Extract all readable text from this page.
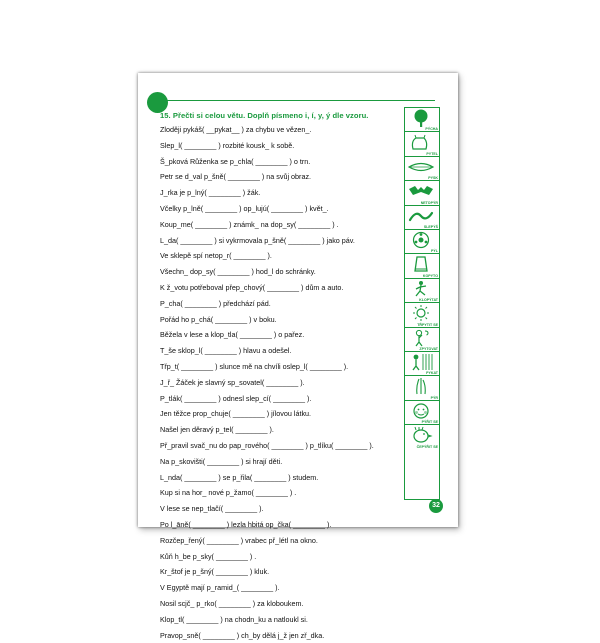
15. Přečti si celou větu. Doplň písmeno i, í, y, ý dle vzoru.
Zloději pykáš( __pykat__ ) za chybu ve vězen_.
Slep_l( ________ ) rozbité kousk_ k sobě.
Š_pková Růženka se p_chla( ________ ) o trn.
Petr se d_val p_šně( ________ ) na svůj obraz.
J_rka je p_lný( ________ ) žák.
Včelky p_lně( ________ ) op_lujú( ________ ) květ_.
Koup_me( ________ ) známk_ na dop_sy( ________ ) .
L_da( ________ ) si vykrmovala p_šně( ________ ) jako páv.
Ve sklepě spí netop_r( ________ ).
Všechn_ dop_sy( ________ ) hod_l do schránky.
K ž_votu potřeboval přep_chový( ________ ) dům a auto.
P_cha( ________ ) předchází pád.
Pořád ho p_chá( ________ ) v boku.
Běžela v lese a klop_tla( ________ ) o pařez.
T_še sklop_l( ________ ) hlavu a odešel.
Třp_t( ________ ) slunce mě na chvíli oslep_l( ________ ).
J_ř_ Žáček je slavný sp_sovatel( ________ ).
P_tlák( ________ ) odnesl slep_cí( ________ ).
Jen těžce prop_chuje( ________ ) jílovou látku.
Našel jen děravý p_tel( ________ ).
Př_pravil svač_nu do pap_rového( ________ ) p_tlíku( ________ ).
Na p_skovišti( ________ ) si hrají děti.
L_nda( ________ ) se p_řila( ________ ) studem.
Kup si na hor_ nové p_žamo( ________ ) .
V lese se nep_tlačí( ________ ).
Po l_āně( ________ ) lezla hbitá op_čka( ________ ).
Rozčep_řený( ________ ) vrabec př_létl na okno.
Kůň h_be p_sky( ________ ) .
Kr_štof je p_šný( ________ ) kluk.
V Egyptě mají p_ramid_( ________ ).
Nosil scjč_ p_rko( ________ ) za kloboukem.
Klop_tl( ________ ) na chodn_ku a natloukl si.
Pravop_sně( ________ ) ch_by dělá j_ž jen zř_dka.
PÝCHA
PYTEL
PYSK
NETOPÝR
SLEPÝŠ
PÝL
KOPYTO
KLOPÝTAT
TŘPYTIT SE
ZPYTOVAT
PYKAT
PÝR
PÝŘIT SE
ČEPÝŘIT SE
32
